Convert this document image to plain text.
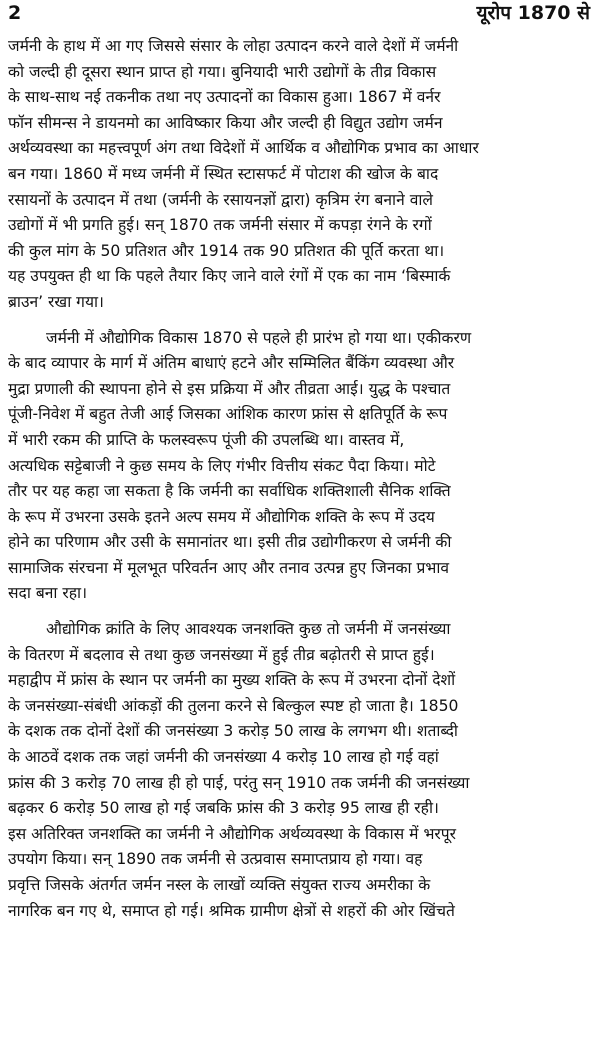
2	यूरोप 1870 से

जर्मनी के हाथ में आ गए जिससे संसार के लोहा उत्पादन करने वाले देशों में जर्मनी
को जल्दी ही दूसरा स्थान प्राप्त हो गया। बुनियादी भारी उद्योगों के तीव्र विकास
के साथ-साथ नई तकनीक तथा नए उत्पादनों का विकास हुआ। 1867 में वर्नर
फॉन सीमन्स ने डायनमो का आविष्कार किया और जल्दी ही विद्युत उद्योग जर्मन
अर्थव्यवस्था का महत्त्वपूर्ण अंग तथा विदेशों में आर्थिक व औद्योगिक प्रभाव का आधार
बन गया। 1860 में मध्य जर्मनी में स्थित स्टासफर्ट में पोटाश की खोज के बाद
रसायनों के उत्पादन में तथा (जर्मनी के रसायनज्ञों द्वारा) कृत्रिम रंग बनाने वाले
उद्योगों में भी प्रगति हुई। सन् 1870 तक जर्मनी संसार में कपड़ा रंगने के रगों
की कुल मांग के 50 प्रतिशत और 1914 तक 90 प्रतिशत की पूर्ति करता था।
यह उपयुक्त ही था कि पहले तैयार किए जाने वाले रंगों में एक का नाम ‘बिस्मार्क
ब्राउन’ रखा गया।

जर्मनी में औद्योगिक विकास 1870 से पहले ही प्रारंभ हो गया था। एकीकरण
के बाद व्यापार के मार्ग में अंतिम बाधाएं हटने और सम्मिलित बैंकिंग व्यवस्था और
मुद्रा प्रणाली की स्थापना होने से इस प्रक्रिया में और तीव्रता आई। युद्ध के पश्चात
पूंजी-निवेश में बहुत तेजी आई जिसका आंशिक कारण फ्रांस से क्षतिपूर्ति के रूप
में भारी रकम की प्राप्ति के फलस्वरूप पूंजी की उपलब्धि था। वास्तव में,
अत्यधिक सट्टेबाजी ने कुछ समय के लिए गंभीर वित्तीय संकट पैदा किया। मोटे
तौर पर यह कहा जा सकता है कि जर्मनी का सर्वाधिक शक्तिशाली सैनिक शक्ति
के रूप में उभरना उसके इतने अल्प समय में औद्योगिक शक्ति के रूप में उदय
होने का परिणाम और उसी के समानांतर था। इसी तीव्र उद्योगीकरण से जर्मनी की
सामाजिक संरचना में मूलभूत परिवर्तन आए और तनाव उत्पन्न हुए जिनका प्रभाव
सदा बना रहा।

औद्योगिक क्रांति के लिए आवश्यक जनशक्ति कुछ तो जर्मनी में जनसंख्या
के वितरण में बदलाव से तथा कुछ जनसंख्या में हुई तीव्र बढ़ोतरी से प्राप्त हुई।
महाद्वीप में फ्रांस के स्थान पर जर्मनी का मुख्य शक्ति के रूप में उभरना दोनों देशों
के जनसंख्या-संबंधी आंकड़ों की तुलना करने से बिल्कुल स्पष्ट हो जाता है। 1850
के दशक तक दोनों देशों की जनसंख्या 3 करोड़ 50 लाख के लगभग थी। शताब्दी
के आठवें दशक तक जहां जर्मनी की जनसंख्या 4 करोड़ 10 लाख हो गई वहां
फ्रांस की 3 करोड़ 70 लाख ही हो पाई, परंतु सन् 1910 तक जर्मनी की जनसंख्या
बढ़कर 6 करोड़ 50 लाख हो गई जबकि फ्रांस की 3 करोड़ 95 लाख ही रही।
इस अतिरिक्त जनशक्ति का जर्मनी ने औद्योगिक अर्थव्यवस्था के विकास में भरपूर
उपयोग किया। सन् 1890 तक जर्मनी से उत्प्रवास समाप्तप्राय हो गया। वह
प्रवृत्ति जिसके अंतर्गत जर्मन नस्ल के लाखों व्यक्ति संयुक्त राज्य अमरीका के
नागरिक बन गए थे, समाप्त हो गई। श्रमिक ग्रामीण क्षेत्रों से शहरों की ओर खिंचते
